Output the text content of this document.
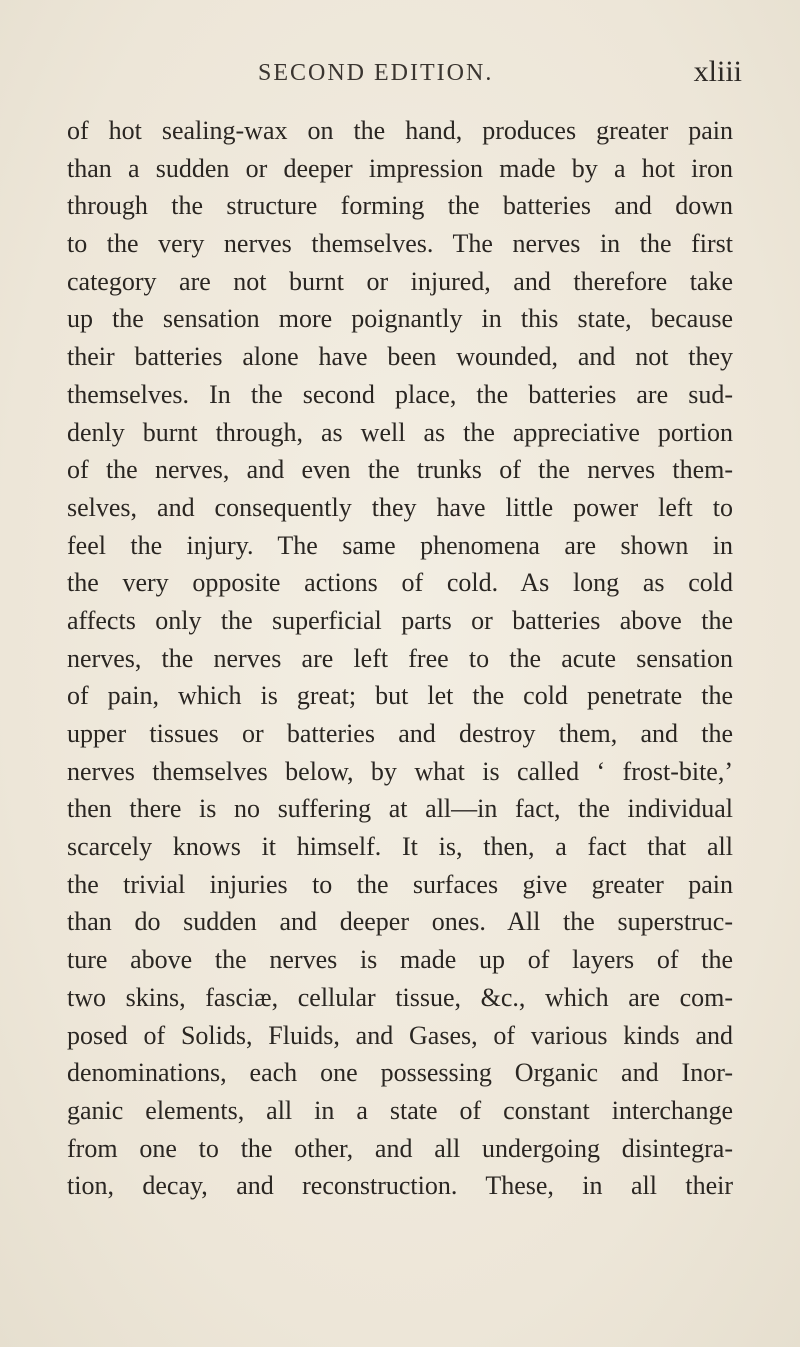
SECOND EDITION.	xliii
of hot sealing-wax on the hand, produces greater pain
than a sudden or deeper impression made by a hot iron
through the structure forming the batteries and down
to the very nerves themselves. The nerves in the first
category are not burnt or injured, and therefore take
up the sensation more poignantly in this state, because
their batteries alone have been wounded, and not they
themselves. In the second place, the batteries are sud-
denly burnt through, as well as the appreciative portion
of the nerves, and even the trunks of the nerves them-
selves, and consequently they have little power left to
feel the injury. The same phenomena are shown in
the very opposite actions of cold. As long as cold
affects only the superficial parts or batteries above the
nerves, the nerves are left free to the acute sensation
of pain, which is great; but let the cold penetrate the
upper tissues or batteries and destroy them, and the
nerves themselves below, by what is called ‘ frost-bite,’
then there is no suffering at all—in fact, the individual
scarcely knows it himself. It is, then, a fact that all
the trivial injuries to the surfaces give greater pain
than do sudden and deeper ones. All the superstruc-
ture above the nerves is made up of layers of the
two skins, fasciæ, cellular tissue, &c., which are com-
posed of Solids, Fluids, and Gases, of various kinds and
denominations, each one possessing Organic and Inor-
ganic elements, all in a state of constant interchange
from one to the other, and all undergoing disintegra-
tion, decay, and reconstruction. These, in all their
